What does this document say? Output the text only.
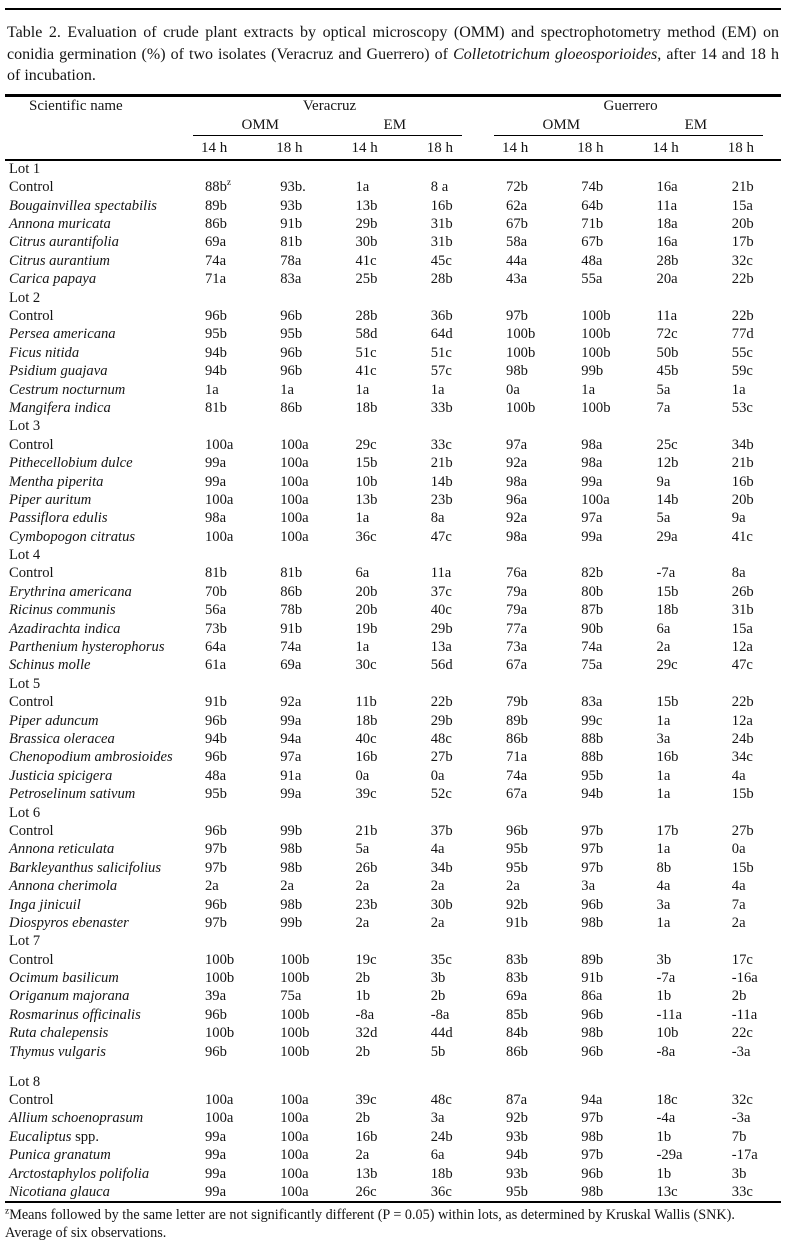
Table 2. Evaluation of crude plant extracts by optical microscopy (OMM) and spectrophotometry method (EM) on conidia germination (%) of two isolates (Veracruz and Guerrero) of Colletotrichum gloeosporioides, after 14 and 18 h of incubation.
Scientific name	Veracruz				Guerrero			

	OMM EM				OMM EM			

	14 h	18 h	14 h	18 h	14 h	18 h	14 h	18 h
Lot 1								
Control	$88b^z$	93b.	1a	8 a	72b	74b	16a	21b
Bougainvillea spectabilis	89b	93b	13b	16b	62a	64b	11a	15a
Annona muricata	86b	91b	29b	31b	67b	71b	18a	20b
Citrus aurantifolia	69a	81b	30b	31b	58a	67b	16a	17b
Citrus aurantium	74a	78a	41c	45c	44a	48a	28b	32c
Carica papaya	71a	83a	25b	28b	43a	55a	20a	22b
Lot 2								
Control	96b	96b	28b	36b	97b	100b	11a	22b
Persea americana	95b	95b	58d	64d	100b	100b	72c	77d
Ficus nitida	94b	96b	51c	51c	100b	100b	50b	55c
Psidium guajava	94b	96b	41c	57c	98b	99b	45b	59c
Cestrum nocturnum	1a	1a	1a	1a	0a	1a	5a	1a
Mangifera indica	81b	86b	18b	33b	100b	100b	7a	53c
Lot 3								
Control	100a	100a	29c	33c	97a	98a	25c	34b
Pithecellobium dulce	99a	100a	15b	21b	92a	98a	12b	21b
Mentha piperita	99a	100a	10b	14b	98a	99a	9a	16b
Piper auritum	100a	100a	13b	23b	96a	100a	14b	20b
Passiflora edulis	98a	100a	1a	8a	92a	97a	5a	9a
Cymbopogon citratus	100a	100a	36c	47c	98a	99a	29a	41c
Lot 4								
Control	81b	81b	6a	11a	76a	82b	-7a	8a
Erythrina americana	70b	86b	20b	37c	79a	80b	15b	26b
Ricinus communis	56a	78b	20b	40c	79a	87b	18b	31b
Azadirachta indica	73b	91b	19b	29b	77a	90b	6a	15a
Parthenium hysterophorus	64a	74a	1a	13a	73a	74a	2a	12a
Schinus molle	61a	69a	30c	56d	67a	75a	29c	47c
Lot 5								
Control	91b	92a	11b	22b	79b	83a	15b	22b
Piper aduncum	96b	99a	18b	29b	89b	99c	1a	12a
Brassica oleracea	94b	94a	40c	48c	86b	88b	3a	24b
Chenopodium ambrosioides	96b	97a	16b	27b	71a	88b	16b	34c
Justicia spicigera	48a	91a	0a	0a	74a	95b	1a	4a
Petroselinum sativum	95b	99a	39c	52c	67a	94b	1a	15b
Lot 6								
Control	96b	99b	21b	37b	96b	97b	17b	27b
Annona reticulata	97b	98b	5a	4a	95b	97b	1a	0a
Barkleyanthus salicifolius	97b	98b	26b	34b	95b	97b	8b	15b
Annona cherimola	2a	2a	2a	2a	2a	3a	4a	4a
Inga jinicuil	96b	98b	23b	30b	92b	96b	3a	7a
Diospyros ebenaster	97b	99b	2a	2a	91b	98b	1a	2a
Lot 7								
Control	100b	100b	19c	35c	83b	89b	3b	17c
Ocimum basilicum	100b	100b	2b	3b	83b	91b	-7a	-16a
Origanum majorana	39a	75a	1b	2b	69a	86a	1b	2b
Rosmarinus officinalis	96b	100b	-8a	-8a	85b	96b	-11a	-11a
Ruta chalepensis	100b	100b	32d	44d	84b	98b	10b	22c
Thymus vulgaris	96b	100b	2b	5b	86b	96b	-8a	-3a
Lot 8								
Control	100a	100a	39c	48c	87a	94a	18c	32c
Allium schoenoprasum	100a	100a	2b	3a	92b	97b	-4a	-3a
Eucaliptus spp.	99a	100a	16b	24b	93b	98b	1b	7b
Punica granatum	99a	100a	2a	6a	94b	97b	-29a	-17a
Arctostaphylos polifolia	99a	100a	13b	18b	93b	96b	1b	3b
Nicotiana glauca	99a	100a	26c	36c	95b	98b	13c	33c
$^z$Means followed by the same letter are not significantly different (P = 0.05) within lots, as determined by Kruskal Wallis (SNK).
Average of six observations.
